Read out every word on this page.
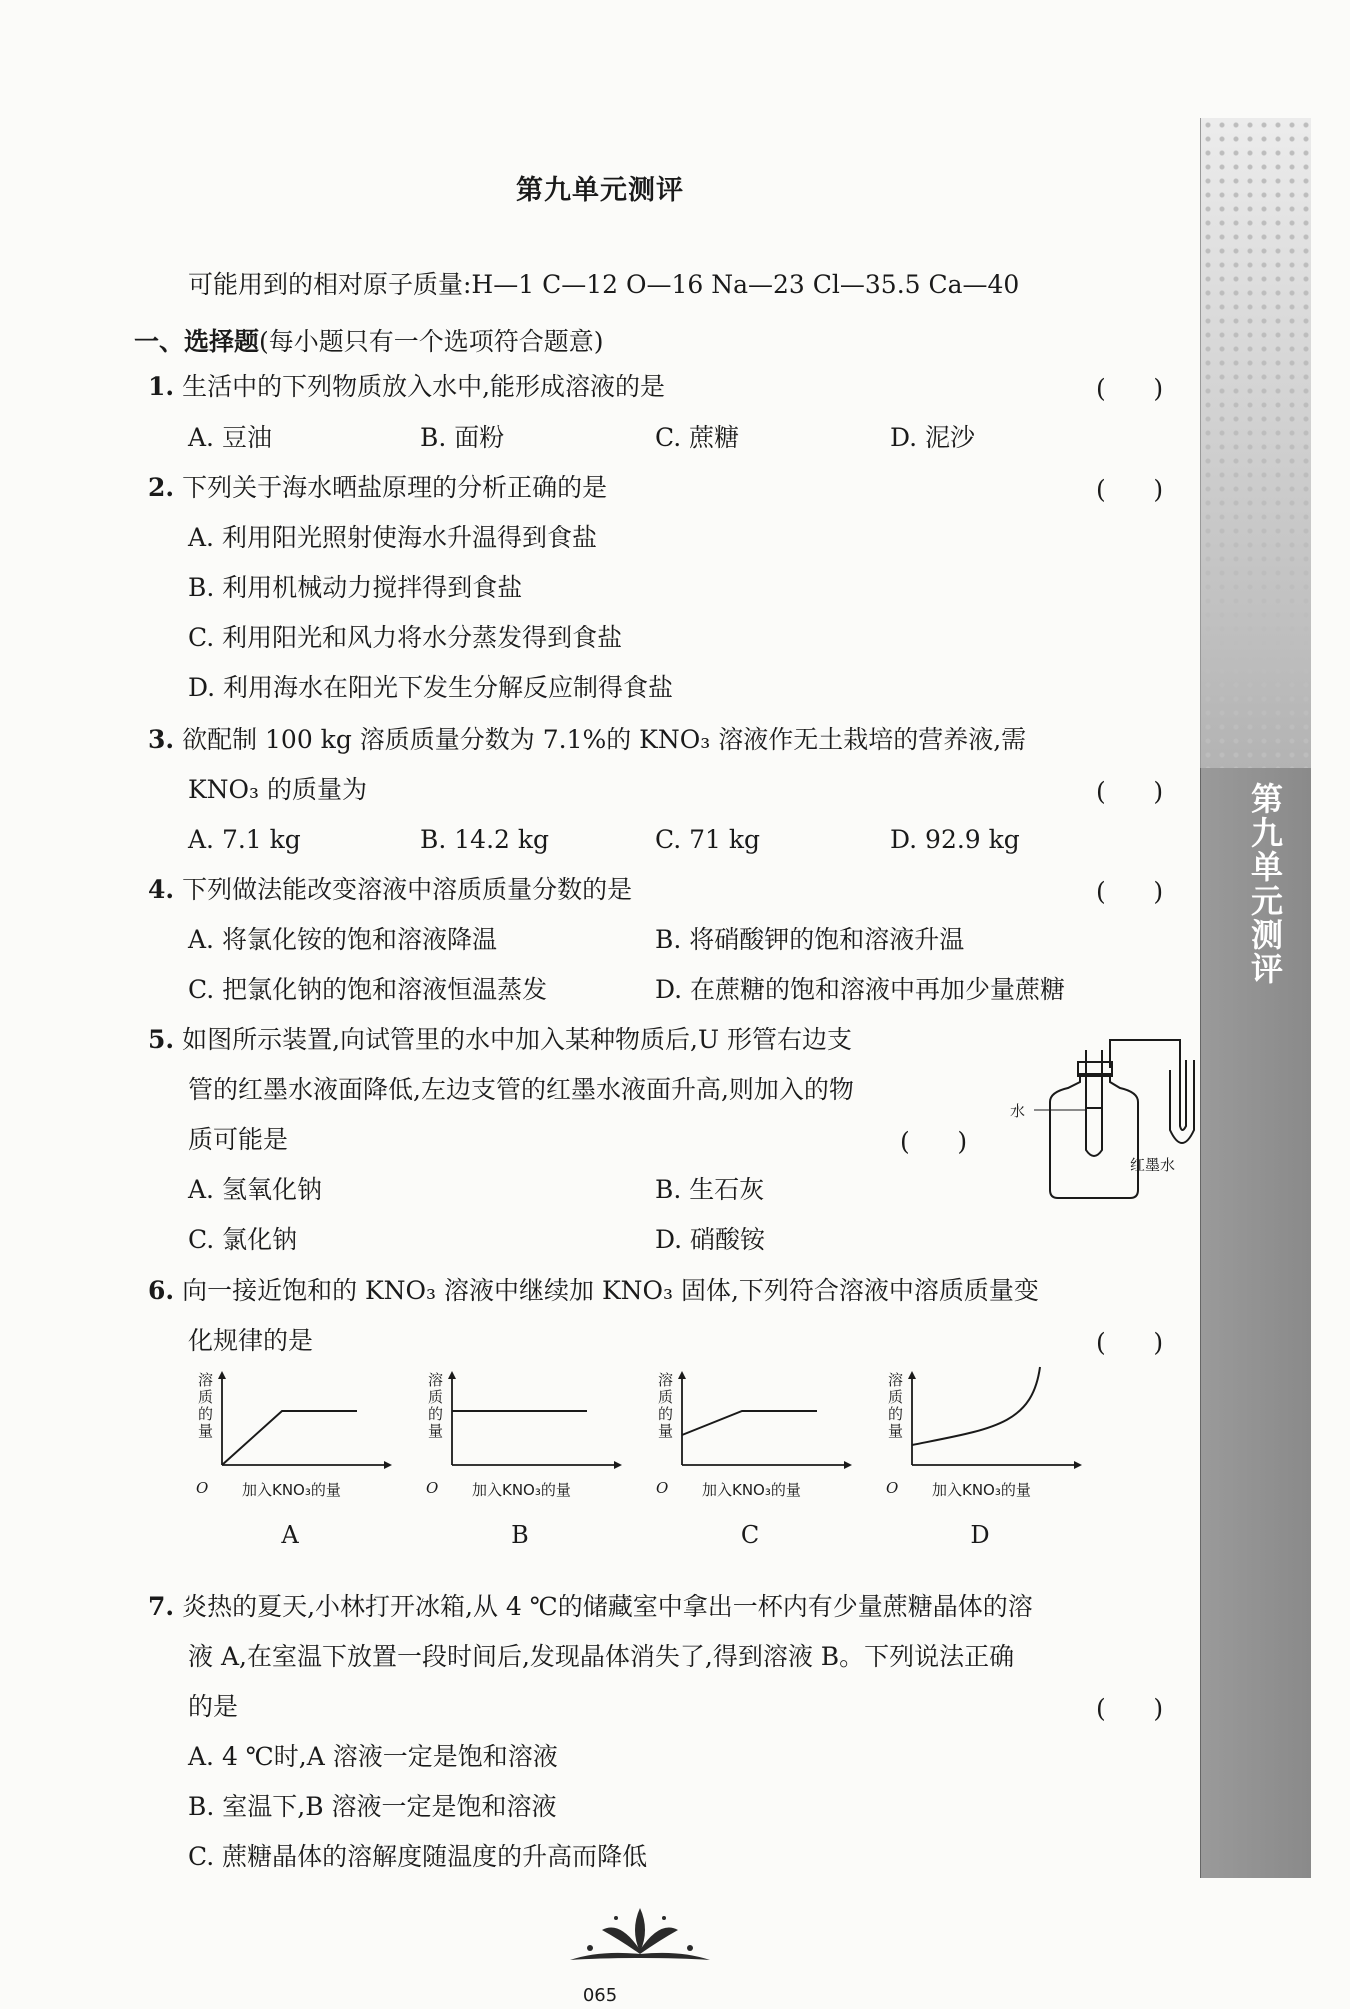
第九单元测评
第九单元测评
可能用到的相对原子质量:H—1 C—12 O—16 Na—23 Cl—35.5 Ca—40
一、选择题(每小题只有一个选项符合题意)
1. 生活中的下列物质放入水中,能形成溶液的是	(      )
A. 豆油	B. 面粉	C. 蔗糖	D. 泥沙
2. 下列关于海水晒盐原理的分析正确的是	(      )
A. 利用阳光照射使海水升温得到食盐
B. 利用机械动力搅拌得到食盐
C. 利用阳光和风力将水分蒸发得到食盐
D. 利用海水在阳光下发生分解反应制得食盐
3. 欲配制 100 kg 溶质质量分数为 7.1%的 KNO₃ 溶液作无土栽培的营养液,需
KNO₃ 的质量为	(      )
A. 7.1 kg	B. 14.2 kg	C. 71 kg	D. 92.9 kg
4. 下列做法能改变溶液中溶质质量分数的是	(      )
A. 将氯化铵的饱和溶液降温	B. 将硝酸钾的饱和溶液升温
C. 把氯化钠的饱和溶液恒温蒸发	D. 在蔗糖的饱和溶液中再加少量蔗糖
5. 如图所示装置,向试管里的水中加入某种物质后,U 形管右边支
管的红墨水液面降低,左边支管的红墨水液面升高,则加入的物
质可能是	(      )
A. 氢氧化钠	B. 生石灰
C. 氯化钠	D. 硝酸铵
水
红墨水
6. 向一接近饱和的 KNO₃ 溶液中继续加 KNO₃ 固体,下列符合溶液中溶质质量变
化规律的是	(      )
溶
质
的
量
O 加入KNO₃的量
A
溶
质
的
量
O 加入KNO₃的量
B
溶
质
的
量
O 加入KNO₃的量
C
溶
质
的
量
O 加入KNO₃的量
D
7. 炎热的夏天,小林打开冰箱,从 4 ℃的储藏室中拿出一杯内有少量蔗糖晶体的溶
液 A,在室温下放置一段时间后,发现晶体消失了,得到溶液 B。下列说法正确
的是	(      )
A. 4 ℃时,A 溶液一定是饱和溶液
B. 室温下,B 溶液一定是饱和溶液
C. 蔗糖晶体的溶解度随温度的升高而降低
065
